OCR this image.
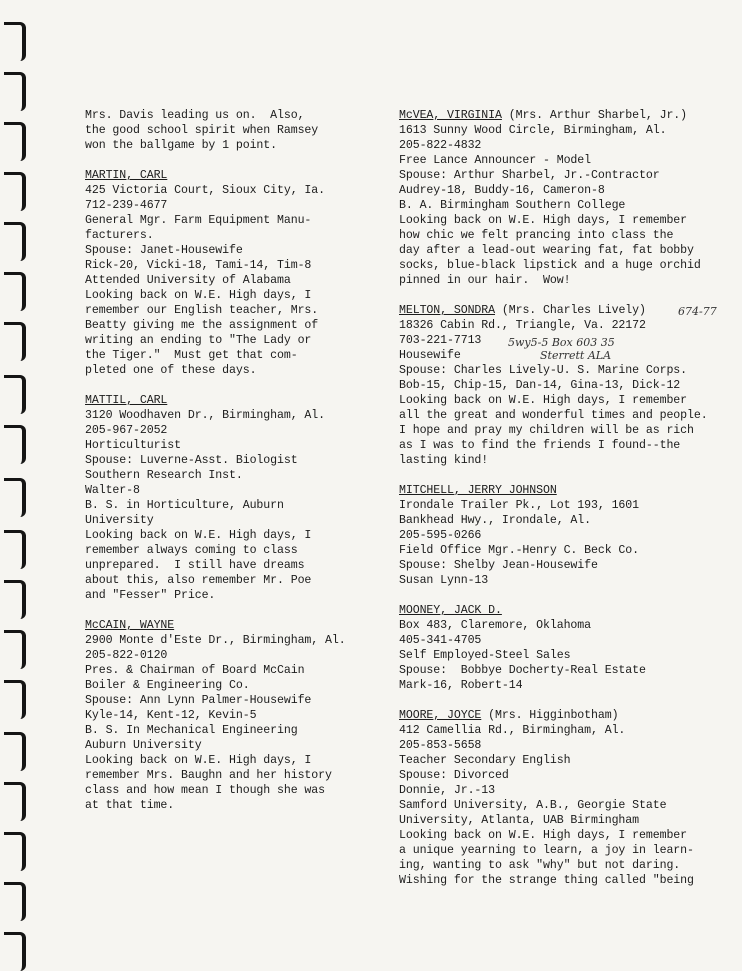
Mrs. Davis leading us on.  Also,
the good school spirit when Ramsey
won the ballgame by 1 point.
MARTIN, CARL
425 Victoria Court, Sioux City, Ia.
712-239-4677
General Mgr. Farm Equipment Manu-
facturers.
Spouse: Janet-Housewife
Rick-20, Vicki-18, Tami-14, Tim-8
Attended University of Alabama
Looking back on W.E. High days, I
remember our English teacher, Mrs.
Beatty giving me the assignment of
writing an ending to "The Lady or
the Tiger."  Must get that com-
pleted one of these days.
MATTIL, CARL
3120 Woodhaven Dr., Birmingham, Al.
205-967-2052
Horticulturist
Spouse: Luverne-Asst. Biologist
Southern Research Inst.
Walter-8
B. S. in Horticulture, Auburn
University
Looking back on W.E. High days, I
remember always coming to class
unprepared.  I still have dreams
about this, also remember Mr. Poe
and "Fesser" Price.
McCAIN, WAYNE
2900 Monte d'Este Dr., Birmingham, Al.
205-822-0120
Pres. & Chairman of Board McCain
Boiler & Engineering Co.
Spouse: Ann Lynn Palmer-Housewife
Kyle-14, Kent-12, Kevin-5
B. S. In Mechanical Engineering
Auburn University
Looking back on W.E. High days, I
remember Mrs. Baughn and her history
class and how mean I though she was
at that time.
McVEA, VIRGINIA (Mrs. Arthur Sharbel, Jr.)
1613 Sunny Wood Circle, Birmingham, Al.
205-822-4832
Free Lance Announcer - Model
Spouse: Arthur Sharbel, Jr.-Contractor
Audrey-18, Buddy-16, Cameron-8
B. A. Birmingham Southern College
Looking back on W.E. High days, I remember
how chic we felt prancing into class the
day after a lead-out wearing fat, fat bobby
socks, blue-black lipstick and a huge orchid
pinned in our hair.  Wow!
MELTON, SONDRA (Mrs. Charles Lively)
18326 Cabin Rd., Triangle, Va. 22172
703-221-7713
Housewife
Spouse: Charles Lively-U. S. Marine Corps.
Bob-15, Chip-15, Dan-14, Gina-13, Dick-12
Looking back on W.E. High days, I remember
all the great and wonderful times and people.
I hope and pray my children will be as rich
as I was to find the friends I found--the
lasting kind!
MITCHELL, JERRY JOHNSON
Irondale Trailer Pk., Lot 193, 1601
Bankhead Hwy., Irondale, Al.
205-595-0266
Field Office Mgr.-Henry C. Beck Co.
Spouse: Shelby Jean-Housewife
Susan Lynn-13
MOONEY, JACK D.
Box 483, Claremore, Oklahoma
405-341-4705
Self Employed-Steel Sales
Spouse:  Bobbye Docherty-Real Estate
Mark-16, Robert-14
MOORE, JOYCE (Mrs. Higginbotham)
412 Camellia Rd., Birmingham, Al.
205-853-5658
Teacher Secondary English
Spouse: Divorced
Donnie, Jr.-13
Samford University, A.B., Georgie State
University, Atlanta, UAB Birmingham
Looking back on W.E. High days, I remember
a unique yearning to learn, a joy in learn-
ing, wanting to ask "why" but not daring.
Wishing for the strange thing called "being
674-77
5wy5-5 Box 603 35
Sterrett ALA
